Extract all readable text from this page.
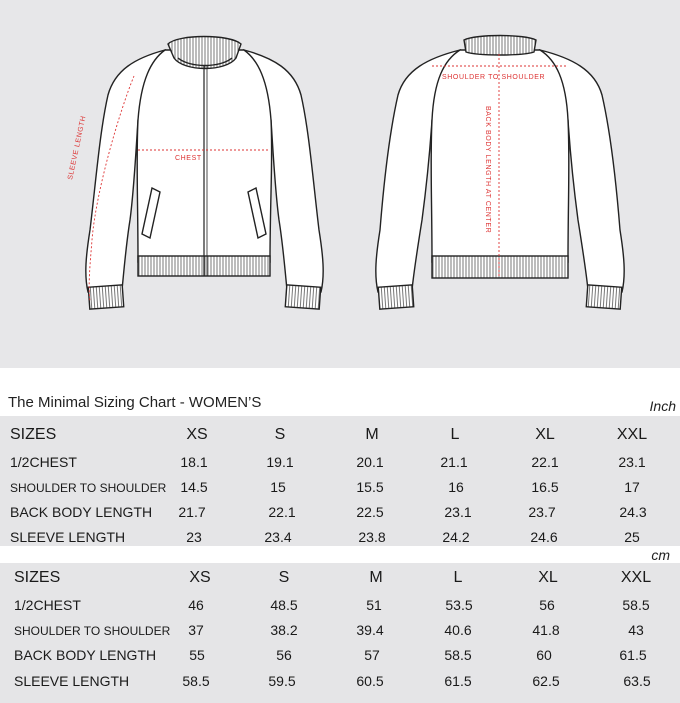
CHEST
SLEEVE LENGTH
SHOULDER TO SHOULDER
BACK BODY LENGTH AT CENTER
The Minimal Sizing Chart - WOMEN’S	Inch
SIZES	XS	S	M	L	XL	XXL
1/2CHEST	18.1	19.1	20.1	21.1	22.1	23.1
SHOULDER TO SHOULDER 14.5	15	15.5	16	16.5	17
BACK BODY LENGTH 21.7	22.1	22.5	23.1	23.7	24.3
SLEEVE LENGTH	23	23.4	23.8	24.2	24.6	25
cm
SIZES	XS	S	M	L	XL	XXL
1/2CHEST	46	48.5	51	53.5	56	58.5
SHOULDER TO SHOULDER 37	38.2	39.4	40.6	41.8	43
BACK BODY LENGTH 55	56	57	58.5	60	61.5
SLEEVE LENGTH	58.5	59.5	60.5	61.5	62.5	63.5
